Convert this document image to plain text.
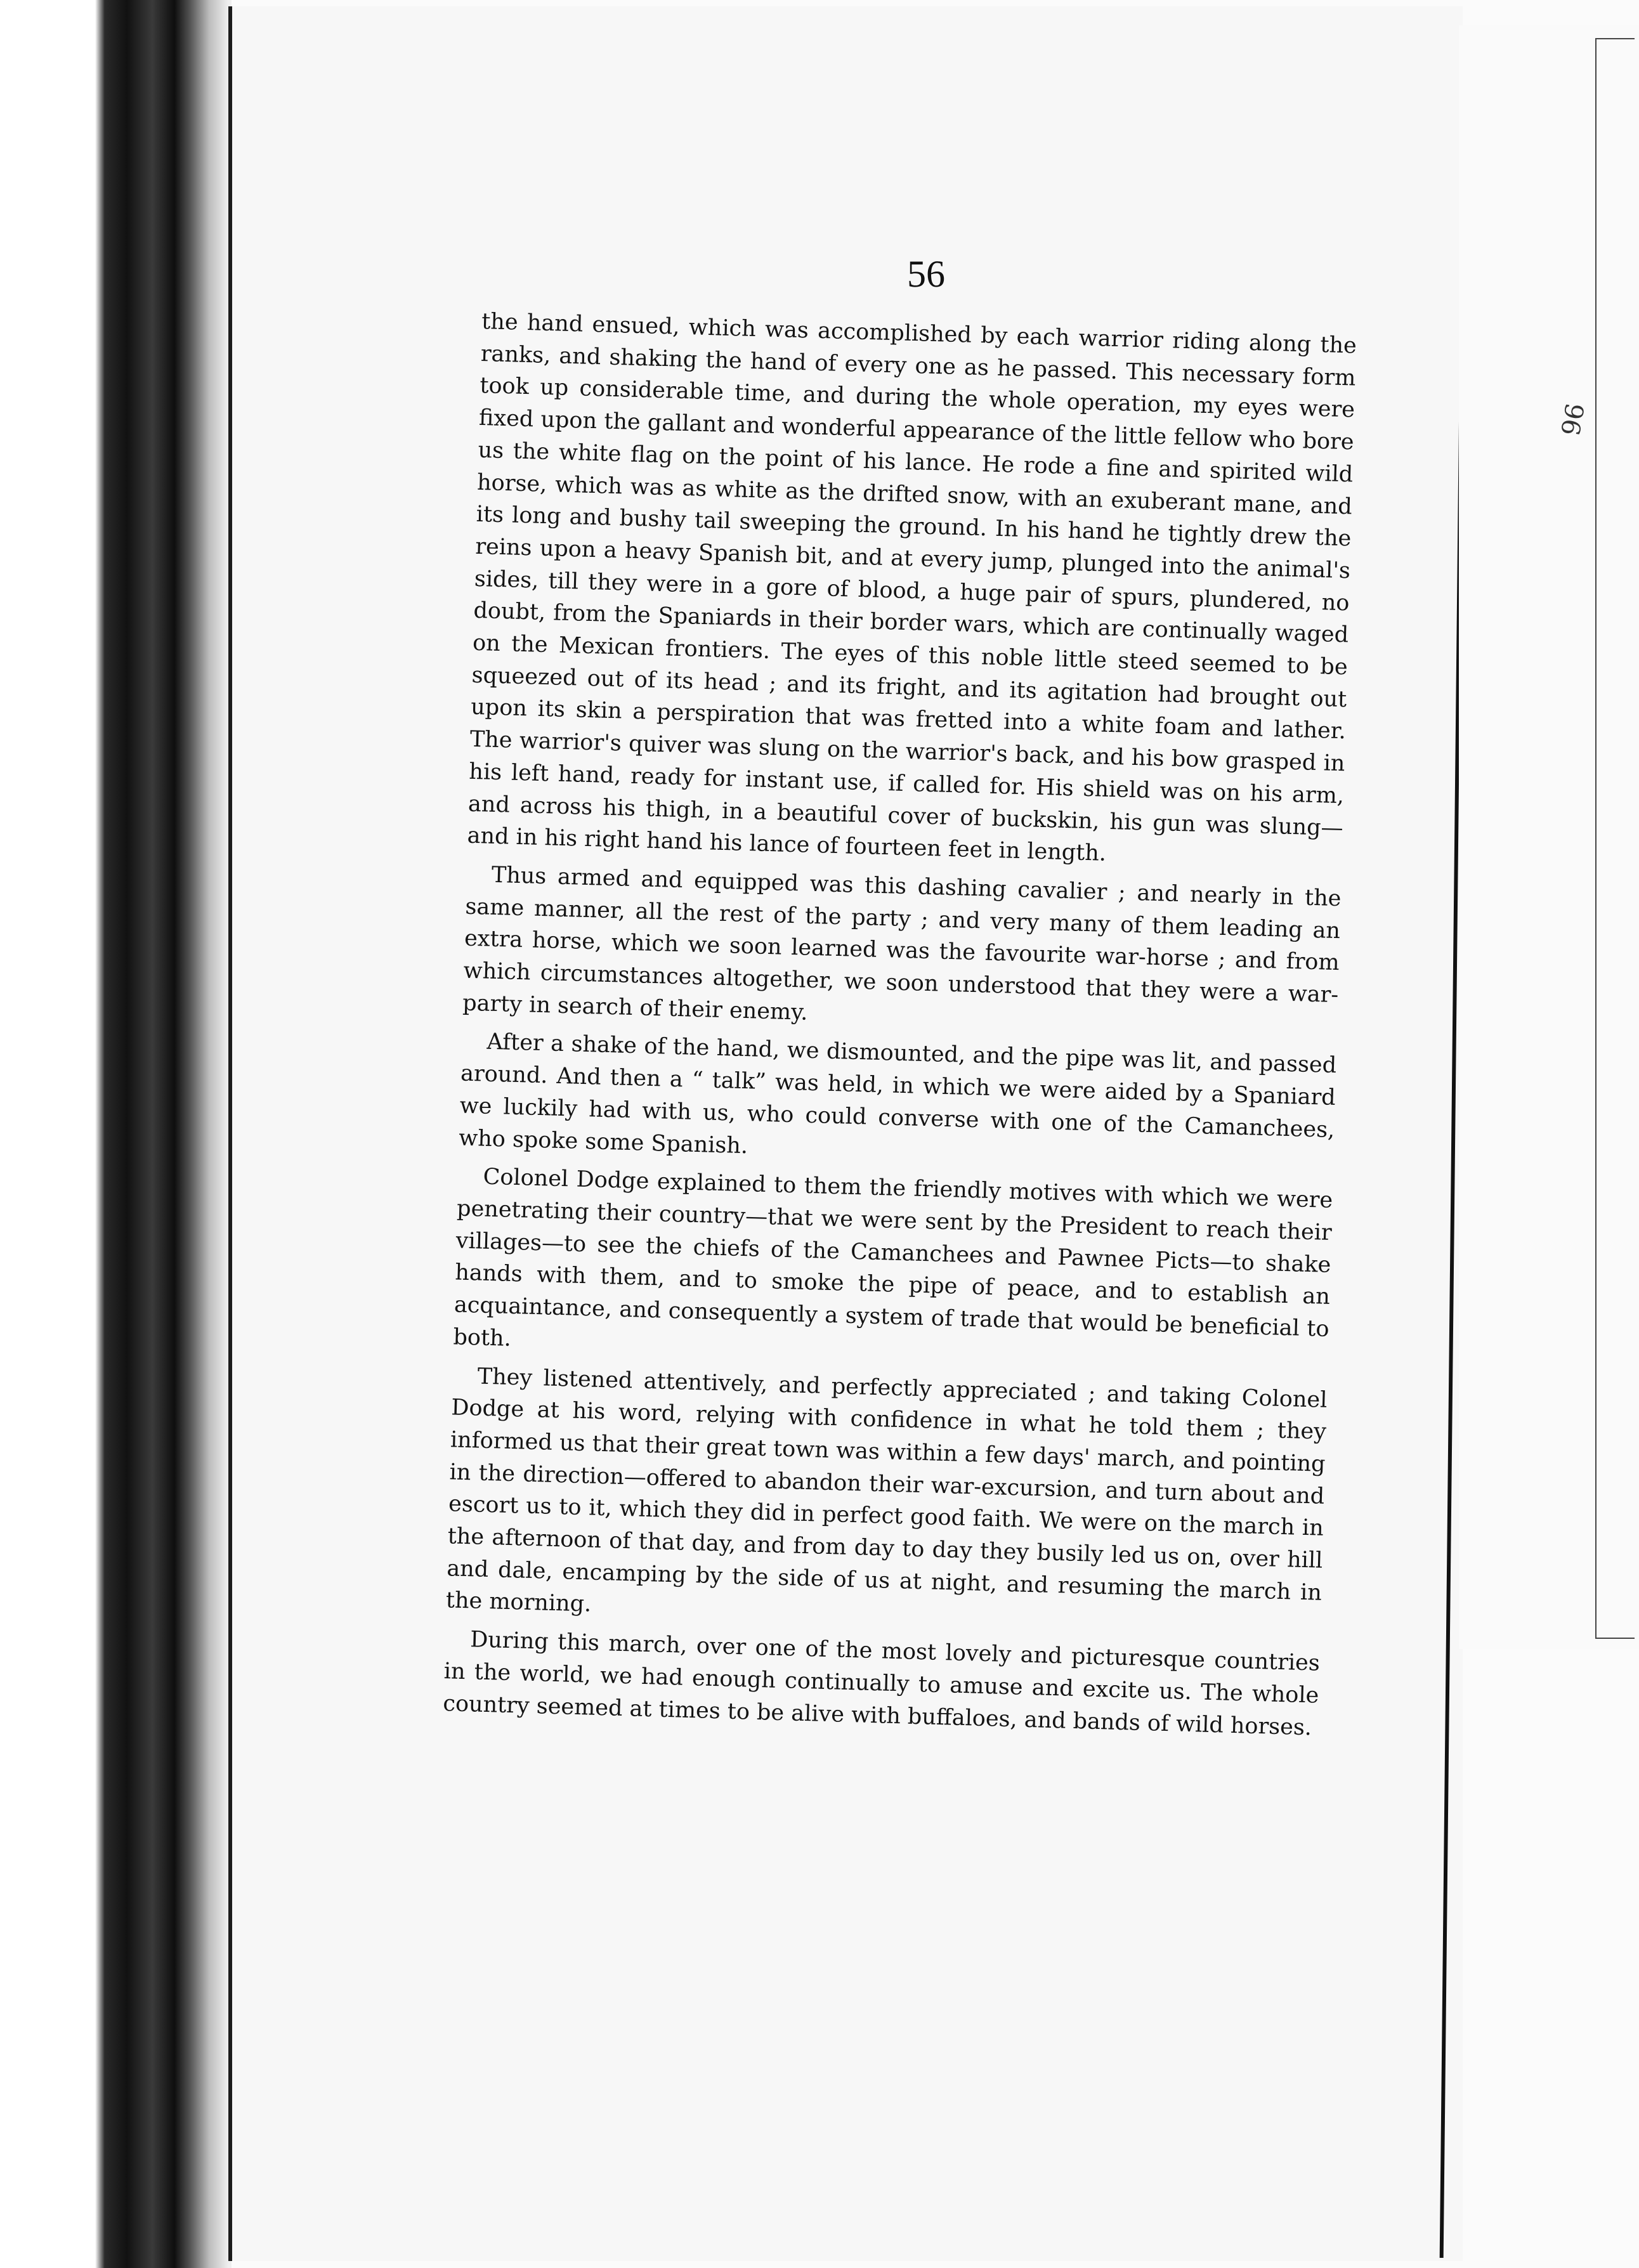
96
56

the hand ensued, which was accomplished by each warrior riding along the ranks, and shaking the hand of every one as he passed. This necessary form took up considerable time, and during the whole operation, my eyes were fixed upon the gallant and wonderful appearance of the little fellow who bore us the white flag on the point of his lance. He rode a fine and spirited wild horse, which was as white as the drifted snow, with an exuberant mane, and its long and bushy tail sweeping the ground. In his hand he tightly drew the reins upon a heavy Spanish bit, and at every jump, plunged into the animal's sides, till they were in a gore of blood, a huge pair of spurs, plundered, no doubt, from the Spaniards in their border wars, which are continually waged on the Mexican frontiers. The eyes of this noble little steed seemed to be squeezed out of its head ; and its fright, and its agitation had brought out upon its skin a perspiration that was fretted into a white foam and lather. The warrior's quiver was slung on the warrior's back, and his bow grasped in his left hand, ready for instant use, if called for. His shield was on his arm, and across his thigh, in a beautiful cover of buckskin, his gun was slung—and in his right hand his lance of fourteen feet in length.

Thus armed and equipped was this dashing cavalier ; and nearly in the same manner, all the rest of the party ; and very many of them leading an extra horse, which we soon learned was the favourite war-horse ; and from which circumstances altogether, we soon understood that they were a war-party in search of their enemy.

After a shake of the hand, we dismounted, and the pipe was lit, and passed around. And then a “ talk” was held, in which we were aided by a Spaniard we luckily had with us, who could converse with one of the Camanchees, who spoke some Spanish.

Colonel Dodge explained to them the friendly motives with which we were penetrating their country—that we were sent by the President to reach their villages—to see the chiefs of the Camanchees and Pawnee Picts—to shake hands with them, and to smoke the pipe of peace, and to establish an acquaintance, and consequently a system of trade that would be beneficial to both.

They listened attentively, and perfectly appreciated ; and taking Colonel Dodge at his word, relying with confidence in what he told them ; they informed us that their great town was within a few days' march, and pointing in the direction—offered to abandon their war-excursion, and turn about and escort us to it, which they did in perfect good faith. We were on the march in the afternoon of that day, and from day to day they busily led us on, over hill and dale, encamping by the side of us at night, and resuming the march in the morning.

During this march, over one of the most lovely and picturesque countries in the world, we had enough continually to amuse and excite us. The whole country seemed at times to be alive with buffaloes, and bands of wild horses.
